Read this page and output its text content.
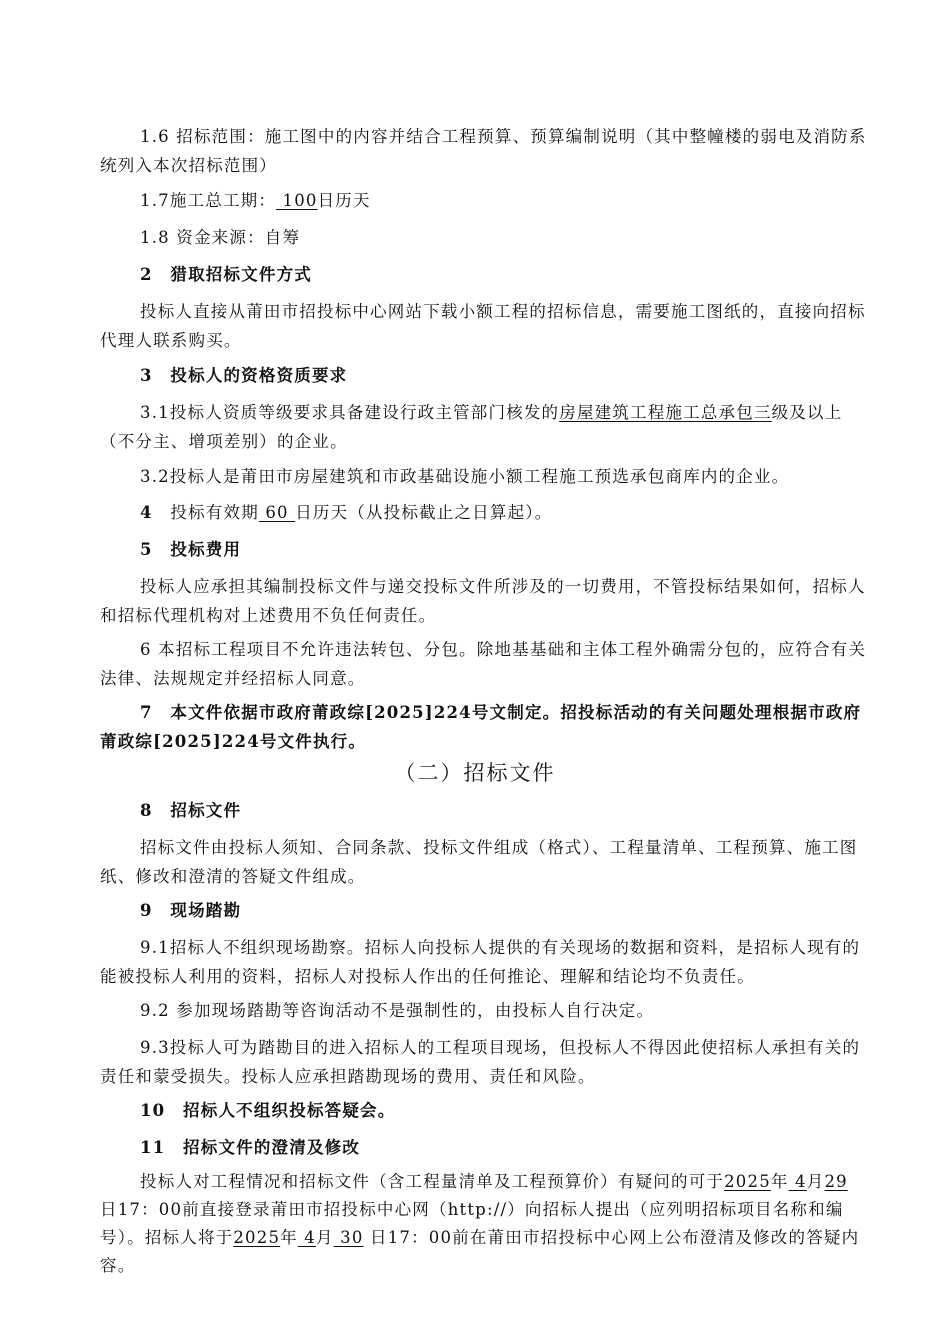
1.6 招标范围：施工图中的内容并结合工程预算、预算编制说明（其中整幢楼的弱电及消防系统列入本次招标范围）

1.7施工总工期： 100日历天

1.8 资金来源：自筹

2　猎取招标文件方式

投标人直接从莆田市招投标中心网站下载小额工程的招标信息，需要施工图纸的，直接向招标代理人联系购买。

3　投标人的资格资质要求

3.1投标人资质等级要求具备建设行政主管部门核发的房屋建筑工程施工总承包三级及以上（不分主、增项差别）的企业。

3.2投标人是莆田市房屋建筑和市政基础设施小额工程施工预选承包商库内的企业。

4　 投标有效期 60 日历天（从投标截止之日算起）。

5　投标费用

投标人应承担其编制投标文件与递交投标文件所涉及的一切费用，不管投标结果如何，招标人和招标代理机构对上述费用不负任何责任。

6 本招标工程项目不允许违法转包、分包。除地基基础和主体工程外确需分包的，应符合有关法律、法规规定并经招标人同意。

7　本文件依据市政府莆政综[2025]224号文制定。招投标活动的有关问题处理根据市政府莆政综[2025]224号文件执行。

（二）招标文件

8　招标文件

招标文件由投标人须知、合同条款、投标文件组成（格式）、工程量清单、工程预算、施工图纸、修改和澄清的答疑文件组成。

9　现场踏勘

9.1招标人不组织现场勘察。招标人向投标人提供的有关现场的数据和资料，是招标人现有的能被投标人利用的资料，招标人对投标人作出的任何推论、理解和结论均不负责任。

9.2 参加现场踏勘等咨询活动不是强制性的，由投标人自行决定。

9.3投标人可为踏勘目的进入招标人的工程项目现场，但投标人不得因此使招标人承担有关的责任和蒙受损失。投标人应承担踏勘现场的费用、责任和风险。

10　招标人不组织投标答疑会。

11　招标文件的澄清及修改

投标人对工程情况和招标文件（含工程量清单及工程预算价）有疑问的可于2025年 4月29 日17：00前直接登录莆田市招投标中心网（http://）向招标人提出（应列明招标项目名称和编号）。招标人将于2025年 4月 30 日17：00前在莆田市招投标中心网上公布澄清及修改的答疑内容。
